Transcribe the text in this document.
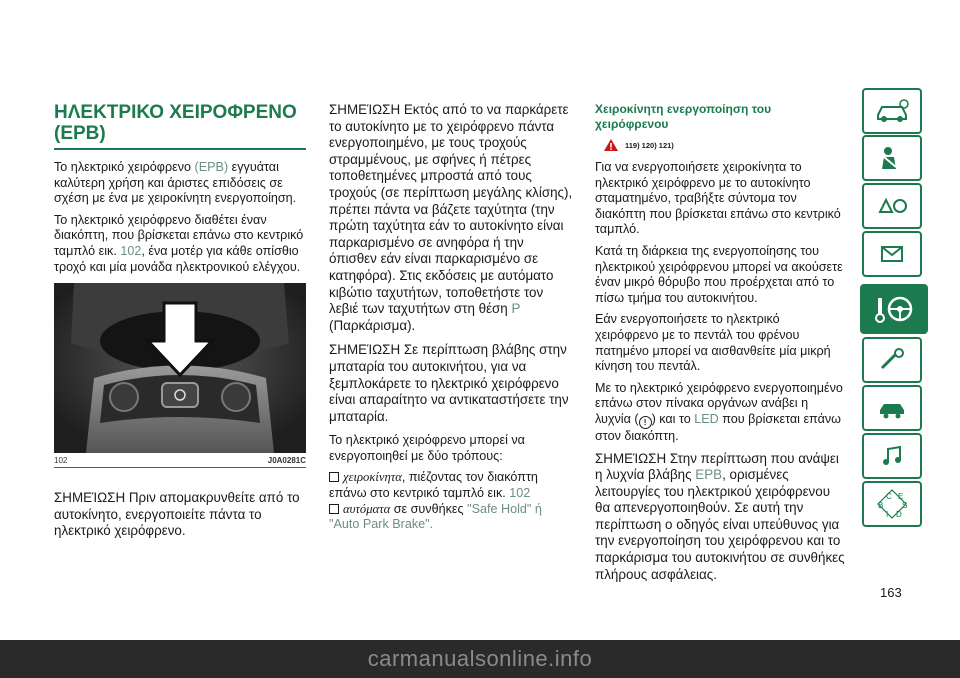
ΗΛΕΚΤΡΙΚΟ ΧΕΙΡΟΦΡΕΝΟ (EPB)

Το ηλεκτρικό χειρόφρενο (EPB) εγγυάται καλύτερη χρήση και άριστες επιδόσεις σε σχέση με ένα με χειροκίνητη ενεργοποίηση.

Το ηλεκτρικό χειρόφρενο διαθέτει έναν διακόπτη, που βρίσκεται επάνω στο κεντρικό ταμπλό εικ. 102, ένα μοτέρ για κάθε οπίσθιο τροχό και μία μονάδα ηλεκτρονικού ελέγχου.

102	J0A0281C

ΣΗΜΕΊΩΣΗ Πριν απομακρυνθείτε από το αυτοκίνητο, ενεργοποιείτε πάντα το ηλεκτρικό χειρόφρενο.

ΣΗΜΕΊΩΣΗ Εκτός από το να παρκάρετε το αυτοκίνητο με το χειρόφρενο πάντα ενεργοποιημένο, με τους τροχούς στραμμένους, με σφήνες ή πέτρες τοποθετημένες μπροστά από τους τροχούς (σε περίπτωση μεγάλης κλίσης), πρέπει πάντα να βάζετε ταχύτητα (την πρώτη ταχύτητα εάν το αυτοκίνητο είναι παρκαρισμένο σε ανηφόρα ή την όπισθεν εάν είναι παρκαρισμένο σε κατηφόρα). Στις εκδόσεις με αυτόματο κιβώτιο ταχυτήτων, τοποθετήστε τον λεβιέ των ταχυτήτων στη θέση P (Παρκάρισμα).

ΣΗΜΕΊΩΣΗ Σε περίπτωση βλάβης στην μπαταρία του αυτοκινήτου, για να ξεμπλοκάρετε το ηλεκτρικό χειρόφρενο είναι απαραίτητο να αντικαταστήσετε την μπαταρία.

Το ηλεκτρικό χειρόφρενο μπορεί να ενεργοποιηθεί με δύο τρόπους:

χειροκίνητα, πιέζοντας τον διακόπτη επάνω στο κεντρικό ταμπλό εικ. 102

αυτόματα σε συνθήκες "Safe Hold" ή "Auto Park Brake".

Χειροκίνητη ενεργοποίηση του χειρόφρενου
119) 120) 121)

Για να ενεργοποιήσετε χειροκίνητα το ηλεκτρικό χειρόφρενο με το αυτοκίνητο σταματημένο, τραβήξτε σύντομα τον διακόπτη που βρίσκεται επάνω στο κεντρικό ταμπλό.

Κατά τη διάρκεια της ενεργοποίησης του ηλεκτρικού χειρόφρενου μπορεί να ακούσετε έναν μικρό θόρυβο που προέρχεται από το πίσω τμήμα του αυτοκινήτου.

Εάν ενεργοποιήσετε το ηλεκτρικό χειρόφρενο με το πεντάλ του φρένου πατημένο μπορεί να αισθανθείτε μία μικρή κίνηση του πεντάλ.

Με το ηλεκτρικό χειρόφρενο ενεργοποιημένο επάνω στον πίνακα οργάνων ανάβει η λυχνία ( ! ) και το LED που βρίσκεται επάνω στον διακόπτη.

ΣΗΜΕΊΩΣΗ Στην περίπτωση που ανάψει η λυχνία βλάβης EPB, ορισμένες λειτουργίες του ηλεκτρικού χειρόφρενου θα απενεργοποιηθούν. Σε αυτή την περίπτωση ο οδηγός είναι υπεύθυνος για την ενεργοποίηση του χειρόφρενου και το παρκάρισμα του αυτοκινήτου σε συνθήκες πλήρους ασφάλειας.

C E
B S
I D
163
carmanualsonline.info
